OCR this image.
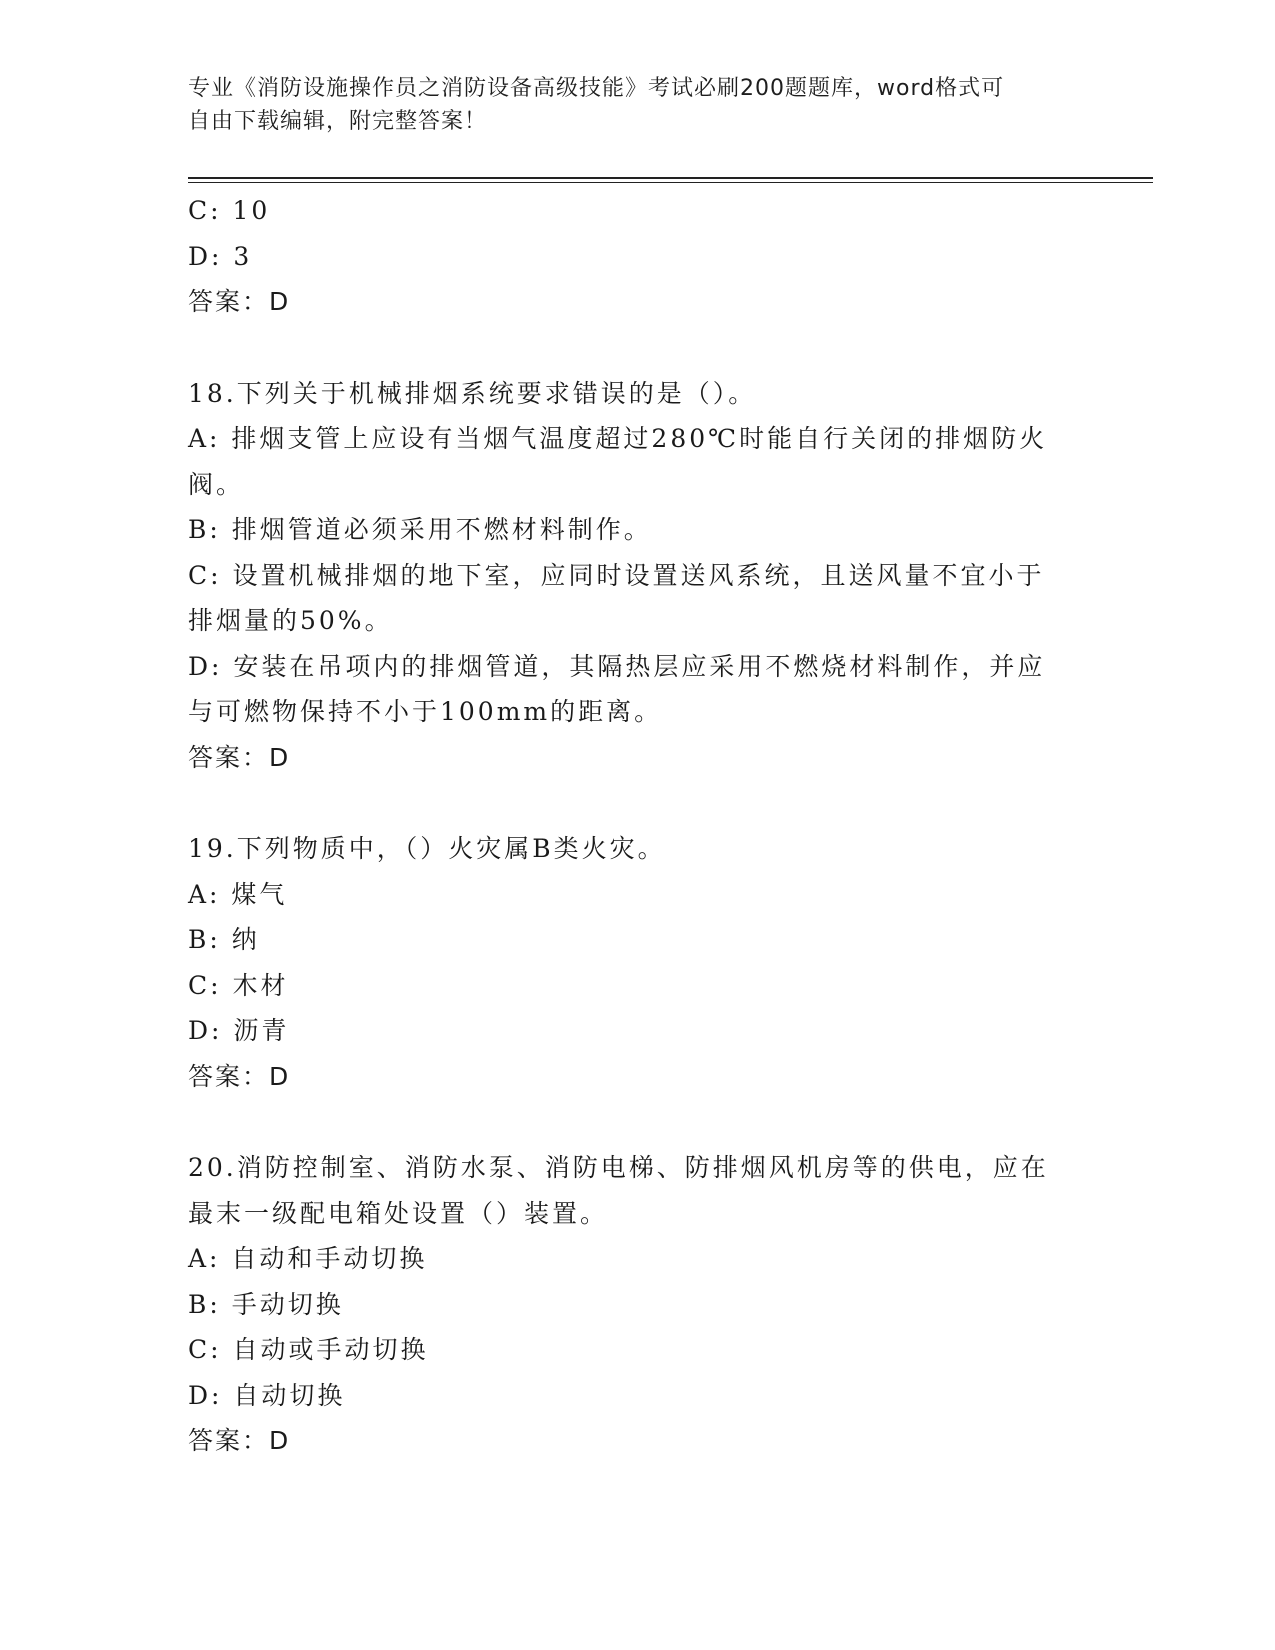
专业《消防设施操作员之消防设备高级技能》考试必刷200题题库，word格式可
自由下载编辑，附完整答案！
C: 10
D: 3
答案：D
18.下列关于机械排烟系统要求错误的是（）。
A: 排烟支管上应设有当烟气温度超过280℃时能自行关闭的排烟防火
阀。
B: 排烟管道必须采用不燃材料制作。
C: 设置机械排烟的地下室，应同时设置送风系统，且送风量不宜小于
排烟量的50%。
D: 安装在吊项内的排烟管道，其隔热层应采用不燃烧材料制作，并应
与可燃物保持不小于100mm的距离。
答案：D
19.下列物质中，（）火灾属B类火灾。
A: 煤气
B: 纳
C: 木材
D: 沥青
答案：D
20.消防控制室、消防水泵、消防电梯、防排烟风机房等的供电，应在
最末一级配电箱处设置（）装置。
A: 自动和手动切换
B: 手动切换
C: 自动或手动切换
D: 自动切换
答案：D
